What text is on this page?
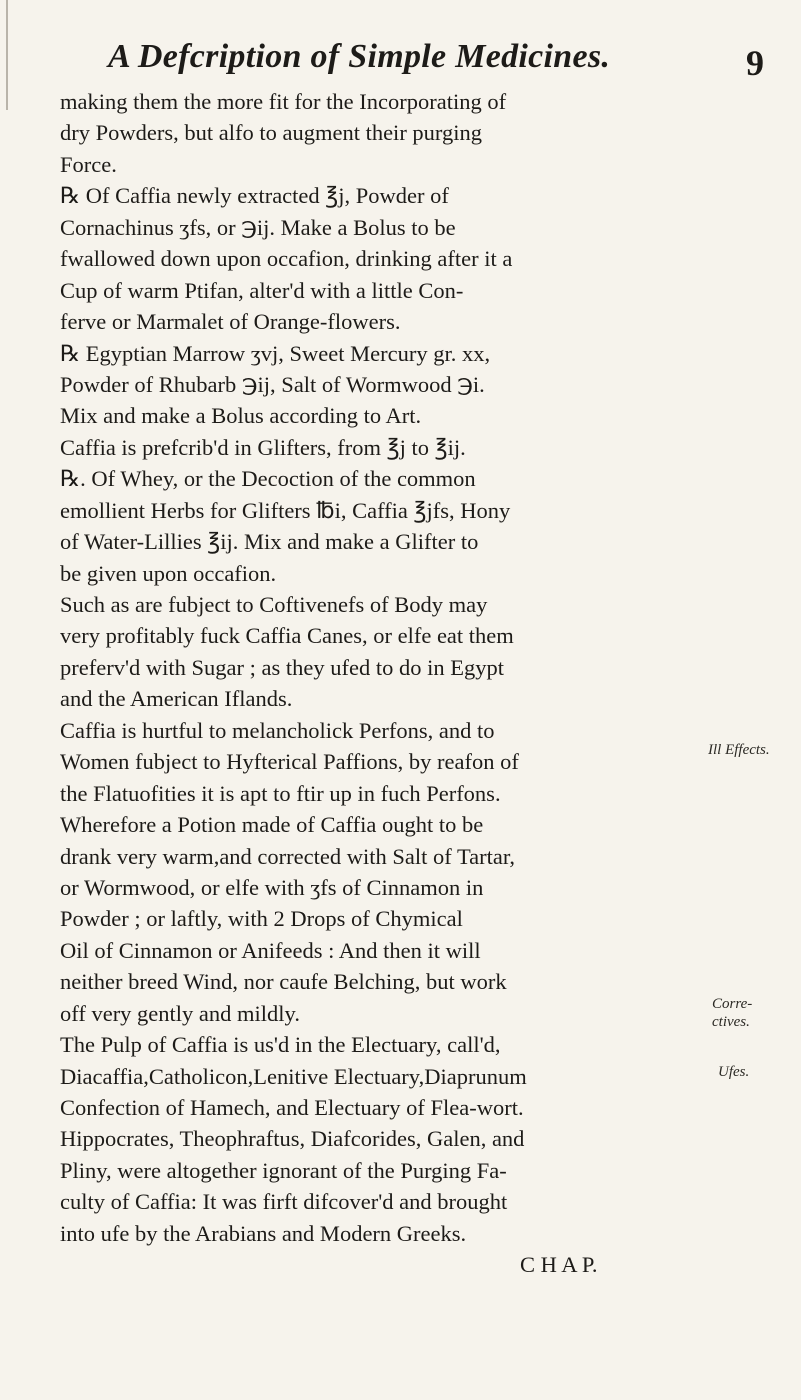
A Defcription of Simple Medicines.	9
making them the more fit for the Incorporating of
dry Powders, but alfo to augment their purging
Force.
℞ Of Caffia newly extracted ℥j, Powder of
Cornachinus ʒfs, or ℈ij. Make a Bolus to be
fwallowed down upon occafion, drinking after it a
Cup of warm Ptifan, alter'd with a little Con-
ferve or Marmalet of Orange-flowers.
℞ Egyptian Marrow ʒvj, Sweet Mercury gr. xx,
Powder of Rhubarb ℈ij, Salt of Wormwood ℈i.
Mix and make a Bolus according to Art.
Caffia is prefcrib'd in Glifters, from ℥j to ℥ij.
℞. Of Whey, or the Decoction of the common
emollient Herbs for Glifters ℔i, Caffia ℥jfs, Hony
of Water-Lillies ℥ij. Mix and make a Glifter to
be given upon occafion.
Such as are fubject to Coftivenefs of Body may
very profitably fuck Caffia Canes, or elfe eat them
preferv'd with Sugar ; as they ufed to do in Egypt
and the American Iflands.
Caffia is hurtful to melancholick Perfons, and to
Women fubject to Hyfterical Paffions, by reafon of
the Flatuofities it is apt to ftir up in fuch Perfons.
Wherefore a Potion made of Caffia ought to be
drank very warm,and corrected with Salt of Tartar,
or Wormwood, or elfe with ʒfs of Cinnamon in
Powder ; or laftly, with 2 Drops of Chymical
Oil of Cinnamon or Anifeeds : And then it will
neither breed Wind, nor caufe Belching, but work
off very gently and mildly.
The Pulp of Caffia is us'd in the Electuary, call'd,
Diacaffia,Catholicon,Lenitive Electuary,Diaprunum
Confection of Hamech, and Electuary of Flea-wort.
Hippocrates, Theophraftus, Diafcorides, Galen, and
Pliny, were altogether ignorant of the Purging Fa-
culty of Caffia: It was firft difcover'd and brought
into ufe by the Arabians and Modern Greeks.
C H A P.
Ill Effects.
Corre-
ctives.
Ufes.
